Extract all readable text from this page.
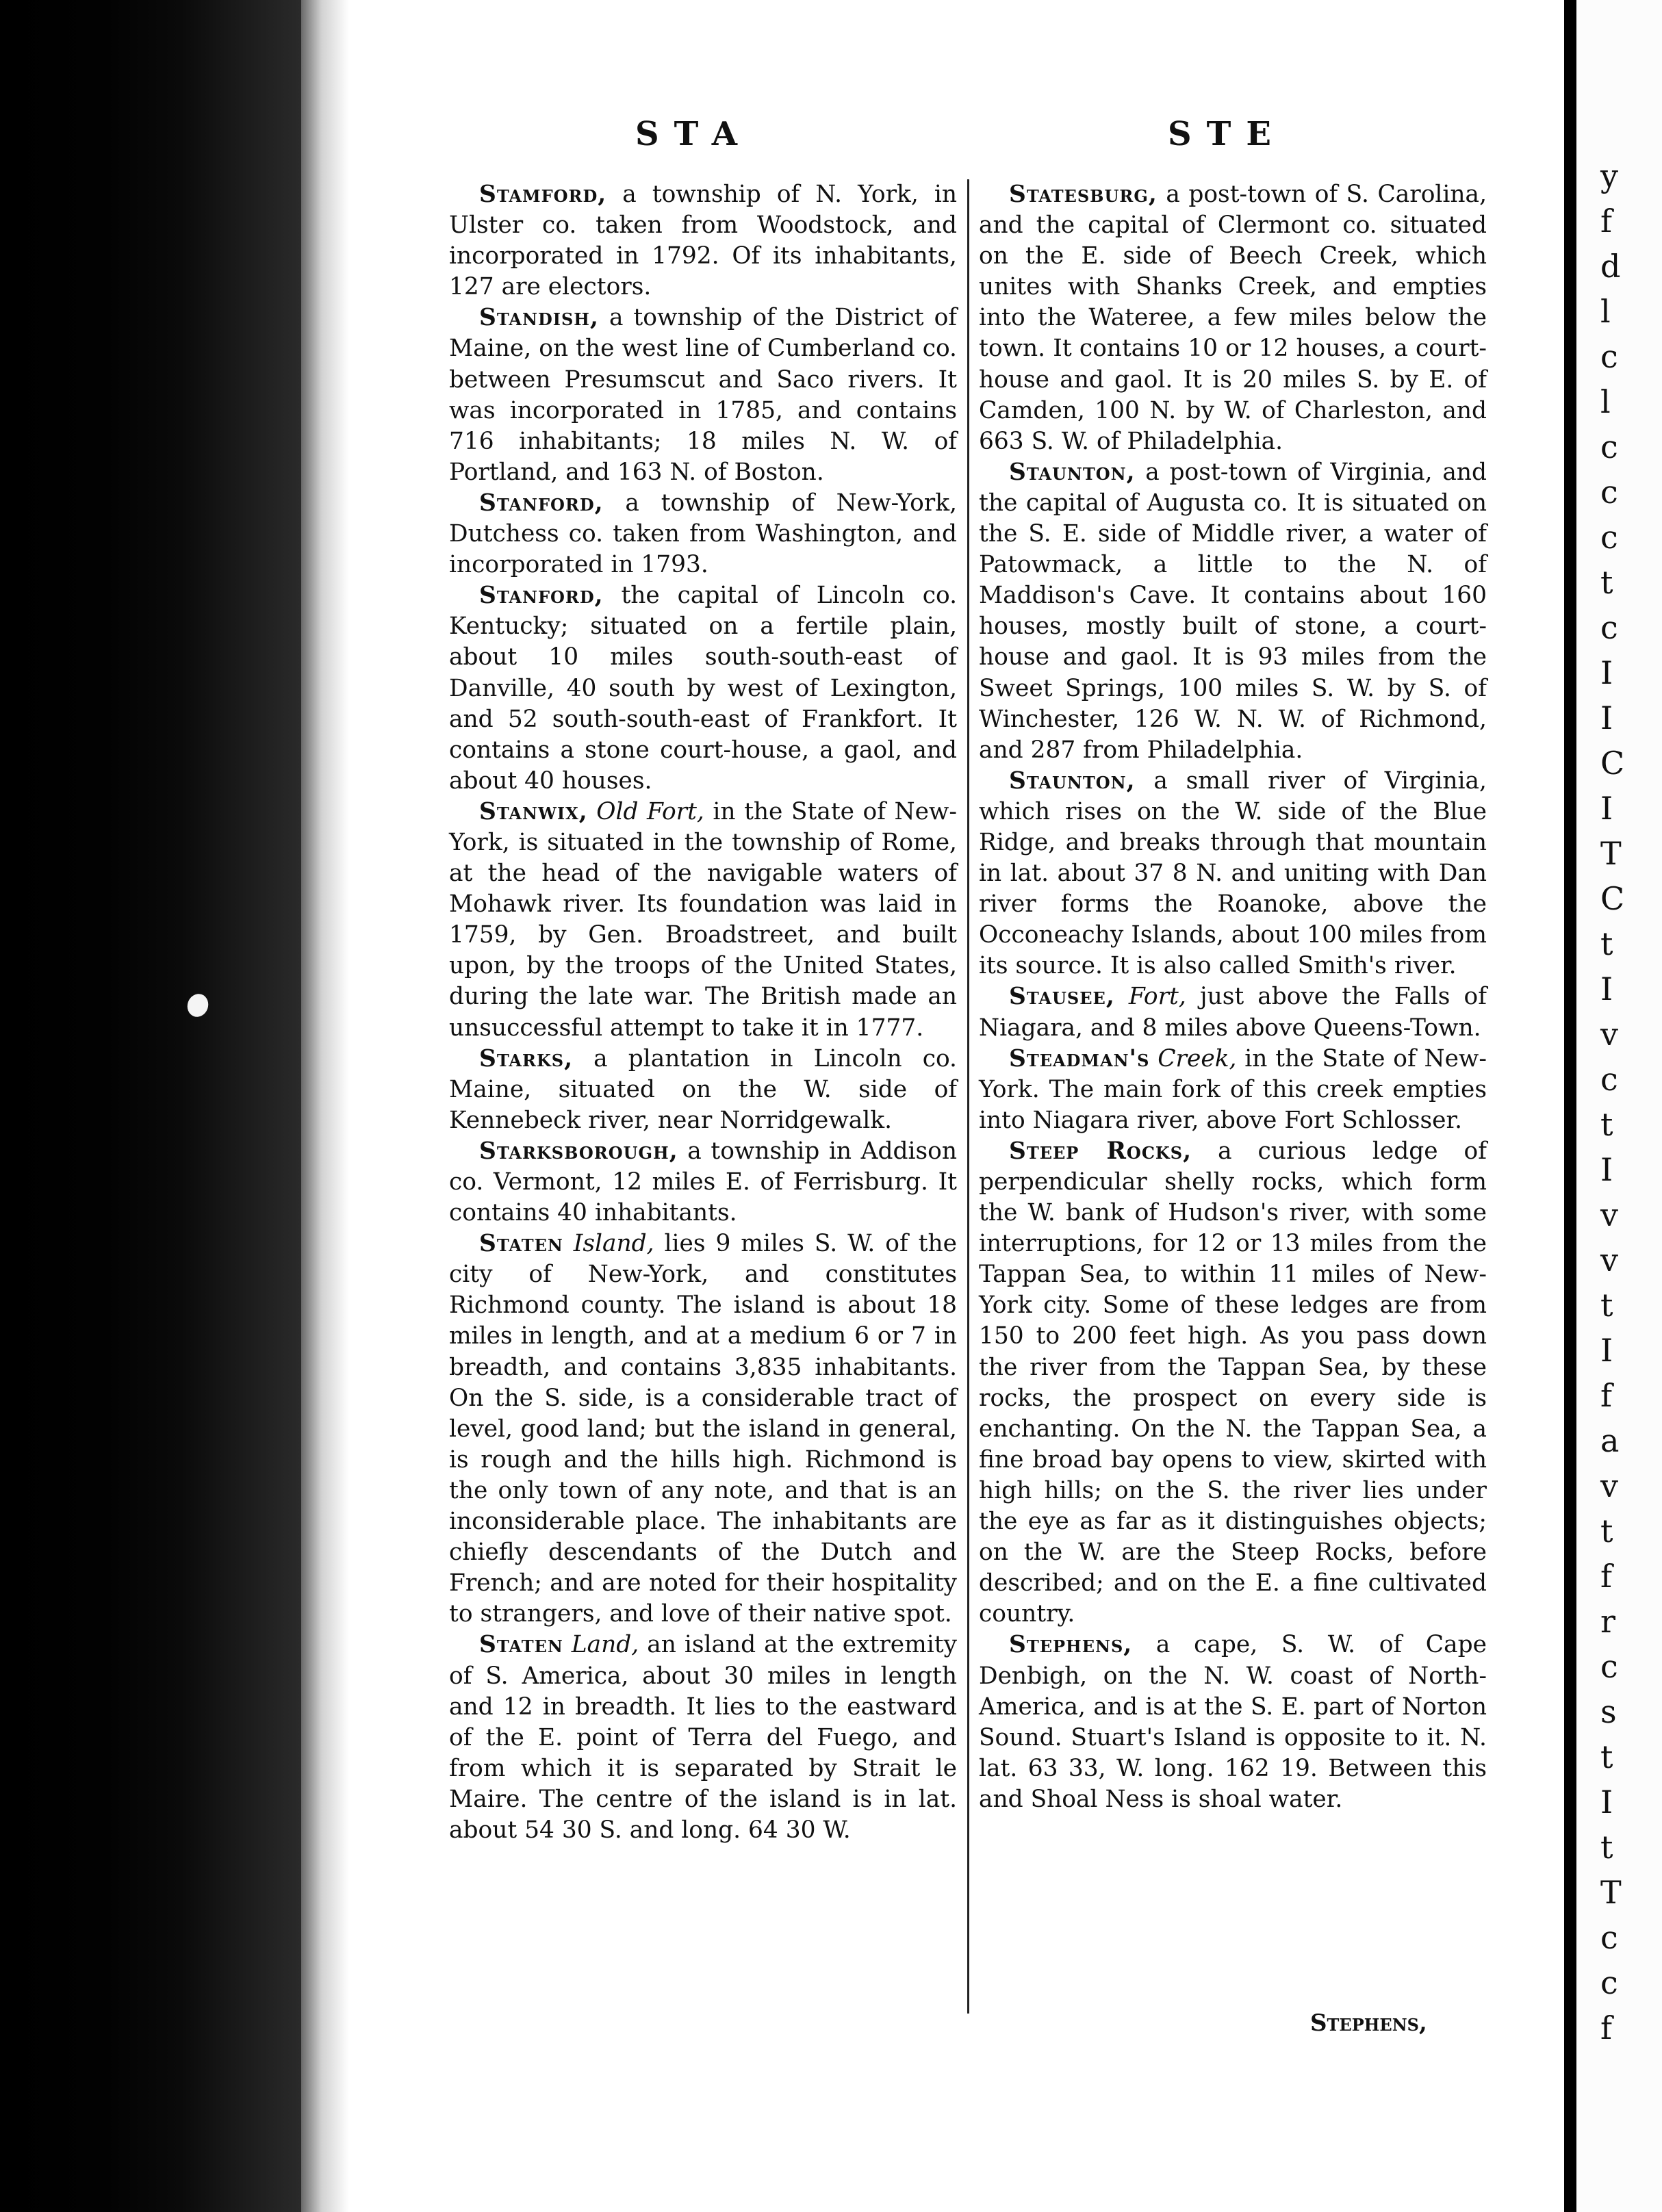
y
f
d
l
c
l
c
c
c
t
c
I
I
C
I
T
C
t
I
v
c
t
I
v
v
t
I
f
a
v
t
f
r
c
s
t
I
t
T
c
c
f
STA	STE

Stamford, a township of N. York, in Ulster co. taken from Woodstock, and incorporated in 1792. Of its inhabitants, 127 are electors.

Standish, a township of the District of Maine, on the west line of Cumberland co. between Presumscut and Saco rivers. It was incorporated in 1785, and contains 716 inhabitants; 18 miles N. W. of Portland, and 163 N. of Boston.

Stanford, a township of New-York, Dutchess co. taken from Washington, and incorporated in 1793.

Stanford, the capital of Lincoln co. Kentucky; situated on a fertile plain, about 10 miles south-south-east of Danville, 40 south by west of Lexington, and 52 south-south-east of Frankfort. It contains a stone court-house, a gaol, and about 40 houses.

Stanwix, Old Fort, in the State of New-York, is situated in the township of Rome, at the head of the navigable waters of Mohawk river. Its foundation was laid in 1759, by Gen. Broadstreet, and built upon, by the troops of the United States, during the late war. The British made an unsuccessful attempt to take it in 1777.

Starks, a plantation in Lincoln co. Maine, situated on the W. side of Kennebeck river, near Norridgewalk.

Starksborough, a township in Addison co. Vermont, 12 miles E. of Ferrisburg. It contains 40 inhabitants.

Staten Island, lies 9 miles S. W. of the city of New-York, and constitutes Richmond county. The island is about 18 miles in length, and at a medium 6 or 7 in breadth, and contains 3,835 inhabitants. On the S. side, is a considerable tract of level, good land; but the island in general, is rough and the hills high. Richmond is the only town of any note, and that is an inconsiderable place. The inhabitants are chiefly descendants of the Dutch and French; and are noted for their hospitality to strangers, and love of their native spot.

Staten Land, an island at the extremity of S. America, about 30 miles in length and 12 in breadth. It lies to the eastward of the E. point of Terra del Fuego, and from which it is separated by Strait le Maire. The centre of the island is in lat. about 54 30 S. and long. 64 30 W.

Statesburg, a post-town of S. Carolina, and the capital of Clermont co. situated on the E. side of Beech Creek, which unites with Shanks Creek, and empties into the Wateree, a few miles below the town. It contains 10 or 12 houses, a court-house and gaol. It is 20 miles S. by E. of Camden, 100 N. by W. of Charleston, and 663 S. W. of Philadelphia.

Staunton, a post-town of Virginia, and the capital of Augusta co. It is situated on the S. E. side of Middle river, a water of Patowmack, a little to the N. of Maddison's Cave. It contains about 160 houses, mostly built of stone, a court-house and gaol. It is 93 miles from the Sweet Springs, 100 miles S. W. by S. of Winchester, 126 W. N. W. of Richmond, and 287 from Philadelphia.

Staunton, a small river of Virginia, which rises on the W. side of the Blue Ridge, and breaks through that mountain in lat. about 37 8 N. and uniting with Dan river forms the Roanoke, above the Occoneachy Islands, about 100 miles from its source. It is also called Smith's river.

Stausee, Fort, just above the Falls of Niagara, and 8 miles above Queens-Town.

Steadman's Creek, in the State of New-York. The main fork of this creek empties into Niagara river, above Fort Schlosser.

Steep Rocks, a curious ledge of perpendicular shelly rocks, which form the W. bank of Hudson's river, with some interruptions, for 12 or 13 miles from the Tappan Sea, to within 11 miles of New-York city. Some of these ledges are from 150 to 200 feet high. As you pass down the river from the Tappan Sea, by these rocks, the prospect on every side is enchanting. On the N. the Tappan Sea, a fine broad bay opens to view, skirted with high hills; on the S. the river lies under the eye as far as it distinguishes objects; on the W. are the Steep Rocks, before described; and on the E. a fine cultivated country.

Stephens, a cape, S. W. of Cape Denbigh, on the N. W. coast of North-America, and is at the S. E. part of Norton Sound. Stuart's Island is opposite to it. N. lat. 63 33, W. long. 162 19. Between this and Shoal Ness is shoal water.

Stephens,
